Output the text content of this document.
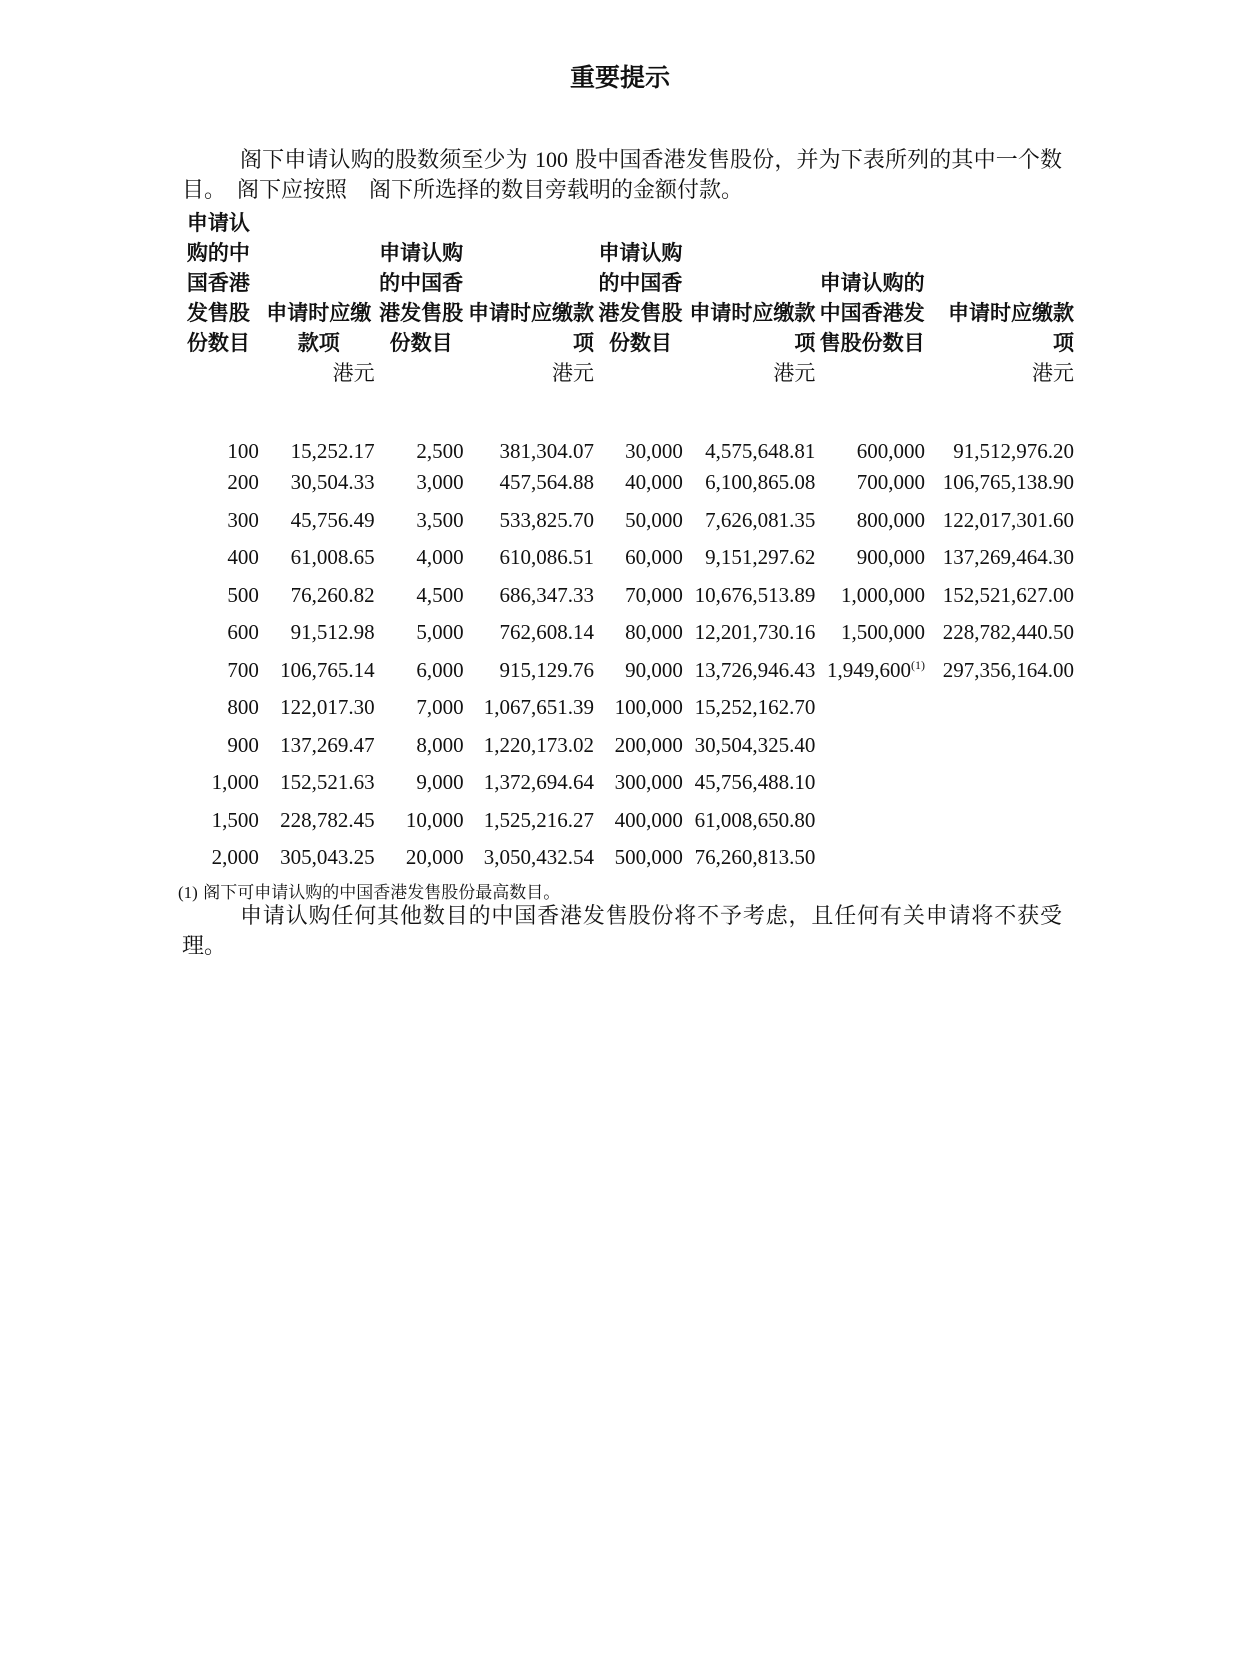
重要提示

阁下申请认购的股数须至少为 100 股中国香港发售股份，并为下表所列的其中一个数目。　阁下应按照　阁下所选择的数目旁载明的金额付款。

申请认购的中国香港发售股份数目	申请时应缴款项	申请认购的中国香港发售股份数目	申请时应缴款项	申请认购的中国香港发售股份数目	申请时应缴款项	申请认购的中国香港发售股份数目	申请时应缴款项
	港元		港元		港元		港元
100	15,252.17	2,500	381,304.07	30,000	4,575,648.81	600,000	91,512,976.20
200	30,504.33	3,000	457,564.88	40,000	6,100,865.08	700,000	106,765,138.90
300	45,756.49	3,500	533,825.70	50,000	7,626,081.35	800,000	122,017,301.60
400	61,008.65	4,000	610,086.51	60,000	9,151,297.62	900,000	137,269,464.30
500	76,260.82	4,500	686,347.33	70,000	10,676,513.89	1,000,000	152,521,627.00
600	91,512.98	5,000	762,608.14	80,000	12,201,730.16	1,500,000	228,782,440.50
700	106,765.14	6,000	915,129.76	90,000	13,726,946.43	1,949,600$^{(1)}$	297,356,164.00
800	122,017.30	7,000	1,067,651.39	100,000	15,252,162.70		
900	137,269.47	8,000	1,220,173.02	200,000	30,504,325.40		
1,000	152,521.63	9,000	1,372,694.64	300,000	45,756,488.10		
1,500	228,782.45	10,000	1,525,216.27	400,000	61,008,650.80		
2,000	305,043.25	20,000	3,050,432.54	500,000	76,260,813.50		
(1) 阁下可申请认购的中国香港发售股份最高数目。

申请认购任何其他数目的中国香港发售股份将不予考虑，且任何有关申请将不获受理。
